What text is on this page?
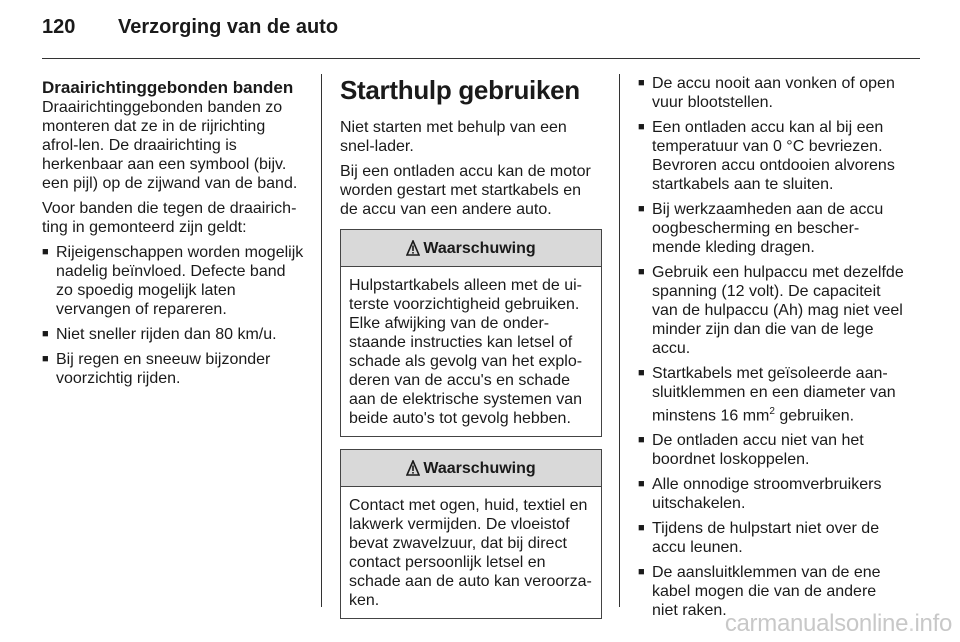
120	Verzorging van de auto
Draairichtinggebonden banden

Draairichtinggebonden banden zo monteren dat ze in de rijrichting afrol-len. De draairichting is herkenbaar aan een symbool (bijv. een pijl) op de zijwand van de band.

Voor banden die tegen de draairich-ting in gemonteerd zijn geldt:

■ Rijeigenschappen worden mogelijk nadelig beïnvloed. Defecte band zo spoedig mogelijk laten vervangen of repareren.
■ Niet sneller rijden dan 80 km/u.
■ Bij regen en sneeuw bijzonder voorzichtig rijden.
Starthulp gebruiken

Niet starten met behulp van een snel-lader.

Bij een ontladen accu kan de motor worden gestart met startkabels en de accu van een andere auto.

Waarschuwing
Hulpstartkabels alleen met de ui-terste voorzichtigheid gebruiken. Elke afwijking van de onder-staande instructies kan letsel of schade als gevolg van het explo-deren van de accu's en schade aan de elektrische systemen van beide auto's tot gevolg hebben.
Waarschuwing
Contact met ogen, huid, textiel en lakwerk vermijden. De vloeistof bevat zwavelzuur, dat bij direct contact persoonlijk letsel en schade aan de auto kan veroorza-ken.
■ De accu nooit aan vonken of open vuur blootstellen.
■ Een ontladen accu kan al bij een temperatuur van 0 °C bevriezen. Bevroren accu ontdooien alvorens startkabels aan te sluiten.
■ Bij werkzaamheden aan de accu oogbescherming en bescher-mende kleding dragen.
■ Gebruik een hulpaccu met dezelfde spanning (12 volt). De capaciteit van de hulpaccu (Ah) mag niet veel minder zijn dan die van de lege accu.
■ Startkabels met geïsoleerde aan-sluitklemmen en een diameter van minstens 16 $mm^2$ gebruiken.
■ De ontladen accu niet van het boordnet loskoppelen.
■ Alle onnodige stroomverbruikers uitschakelen.
■ Tijdens de hulpstart niet over de accu leunen.
■ De aansluitklemmen van de ene kabel mogen die van de andere niet raken.
carmanualsonline.info
